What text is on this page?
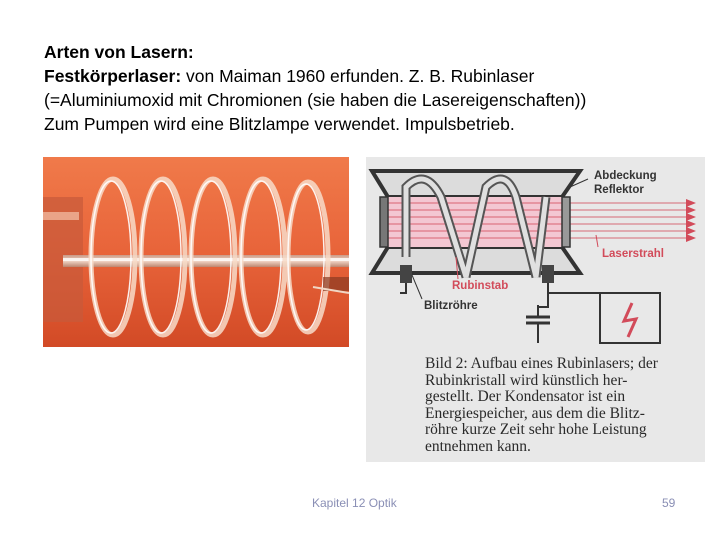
Arten von Lasern:
Festkörperlaser: von Maiman 1960 erfunden. Z. B. Rubinlaser
(=Aluminiumoxid mit Chromionen (sie haben die Lasereigenschaften))
Zum Pumpen wird eine Blitzlampe verwendet. Impulsbetrieb.
Abdeckung
Reflektor
Laserstrahl
Rubinstab
Blitzröhre
Bild 2: Aufbau eines Rubinlasers; der
Rubinkristall wird künstlich her-
gestellt. Der Kondensator ist ein
Energiespeicher, aus dem die Blitz-
röhre kurze Zeit sehr hohe Leistung
entnehmen kann.
Kapitel 12 Optik	59
